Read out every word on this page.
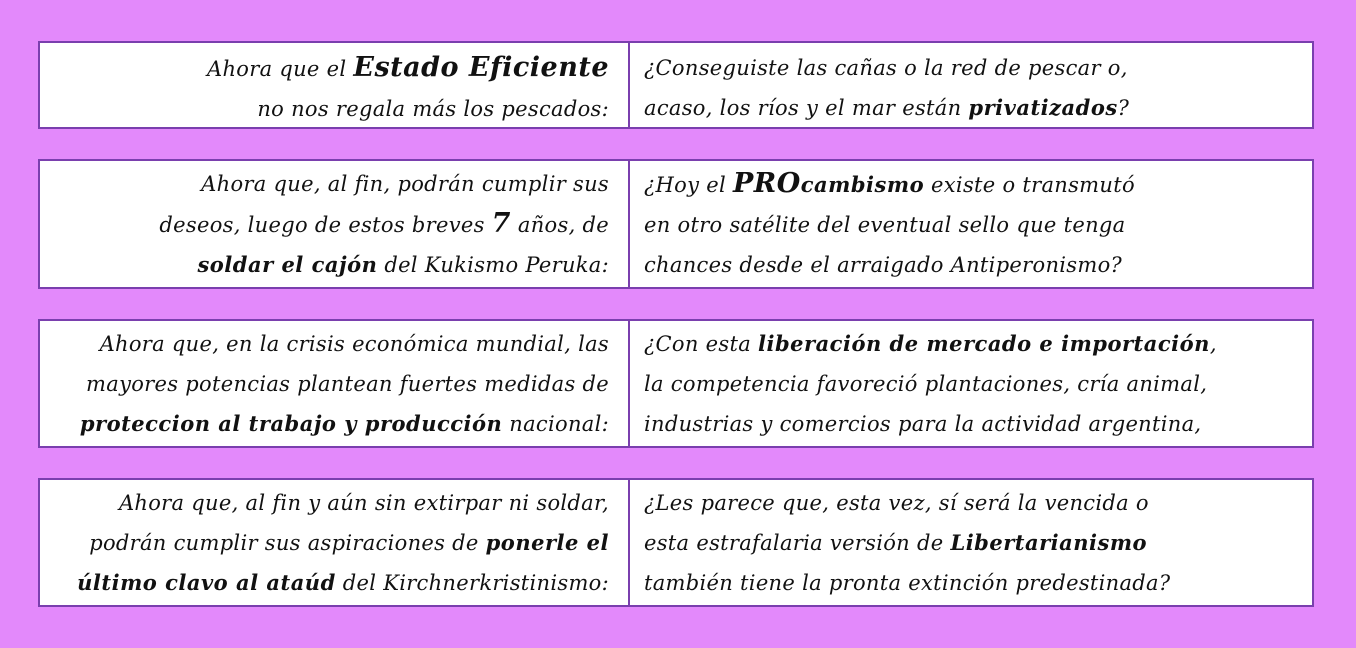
Ahora que el Estado Eficiente
no nos regala más los pescados:
¿Conseguiste las cañas o la red de pescar o,
acaso, los ríos y el mar están privatizados?
Ahora que, al fin, podrán cumplir sus
deseos, luego de estos breves 7 años, de
soldar el cajón del Kukismo Peruka:
¿Hoy el PROcambismo existe o transmutó
en otro satélite del eventual sello que tenga
chances desde el arraigado Antiperonismo?
Ahora que, en la crisis económica mundial, las
mayores potencias plantean fuertes medidas de
proteccion al trabajo y producción nacional:
¿Con esta liberación de mercado e importación,
la competencia favoreció plantaciones, cría animal,
industrias y comercios para la actividad argentina,
Ahora que, al fin y aún sin extirpar ni soldar,
podrán cumplir sus aspiraciones de ponerle el
último clavo al ataúd del Kirchnerkristinismo:
¿Les parece que, esta vez, sí será la vencida o
esta estrafalaria versión de Libertarianismo
también tiene la pronta extinción predestinada?
